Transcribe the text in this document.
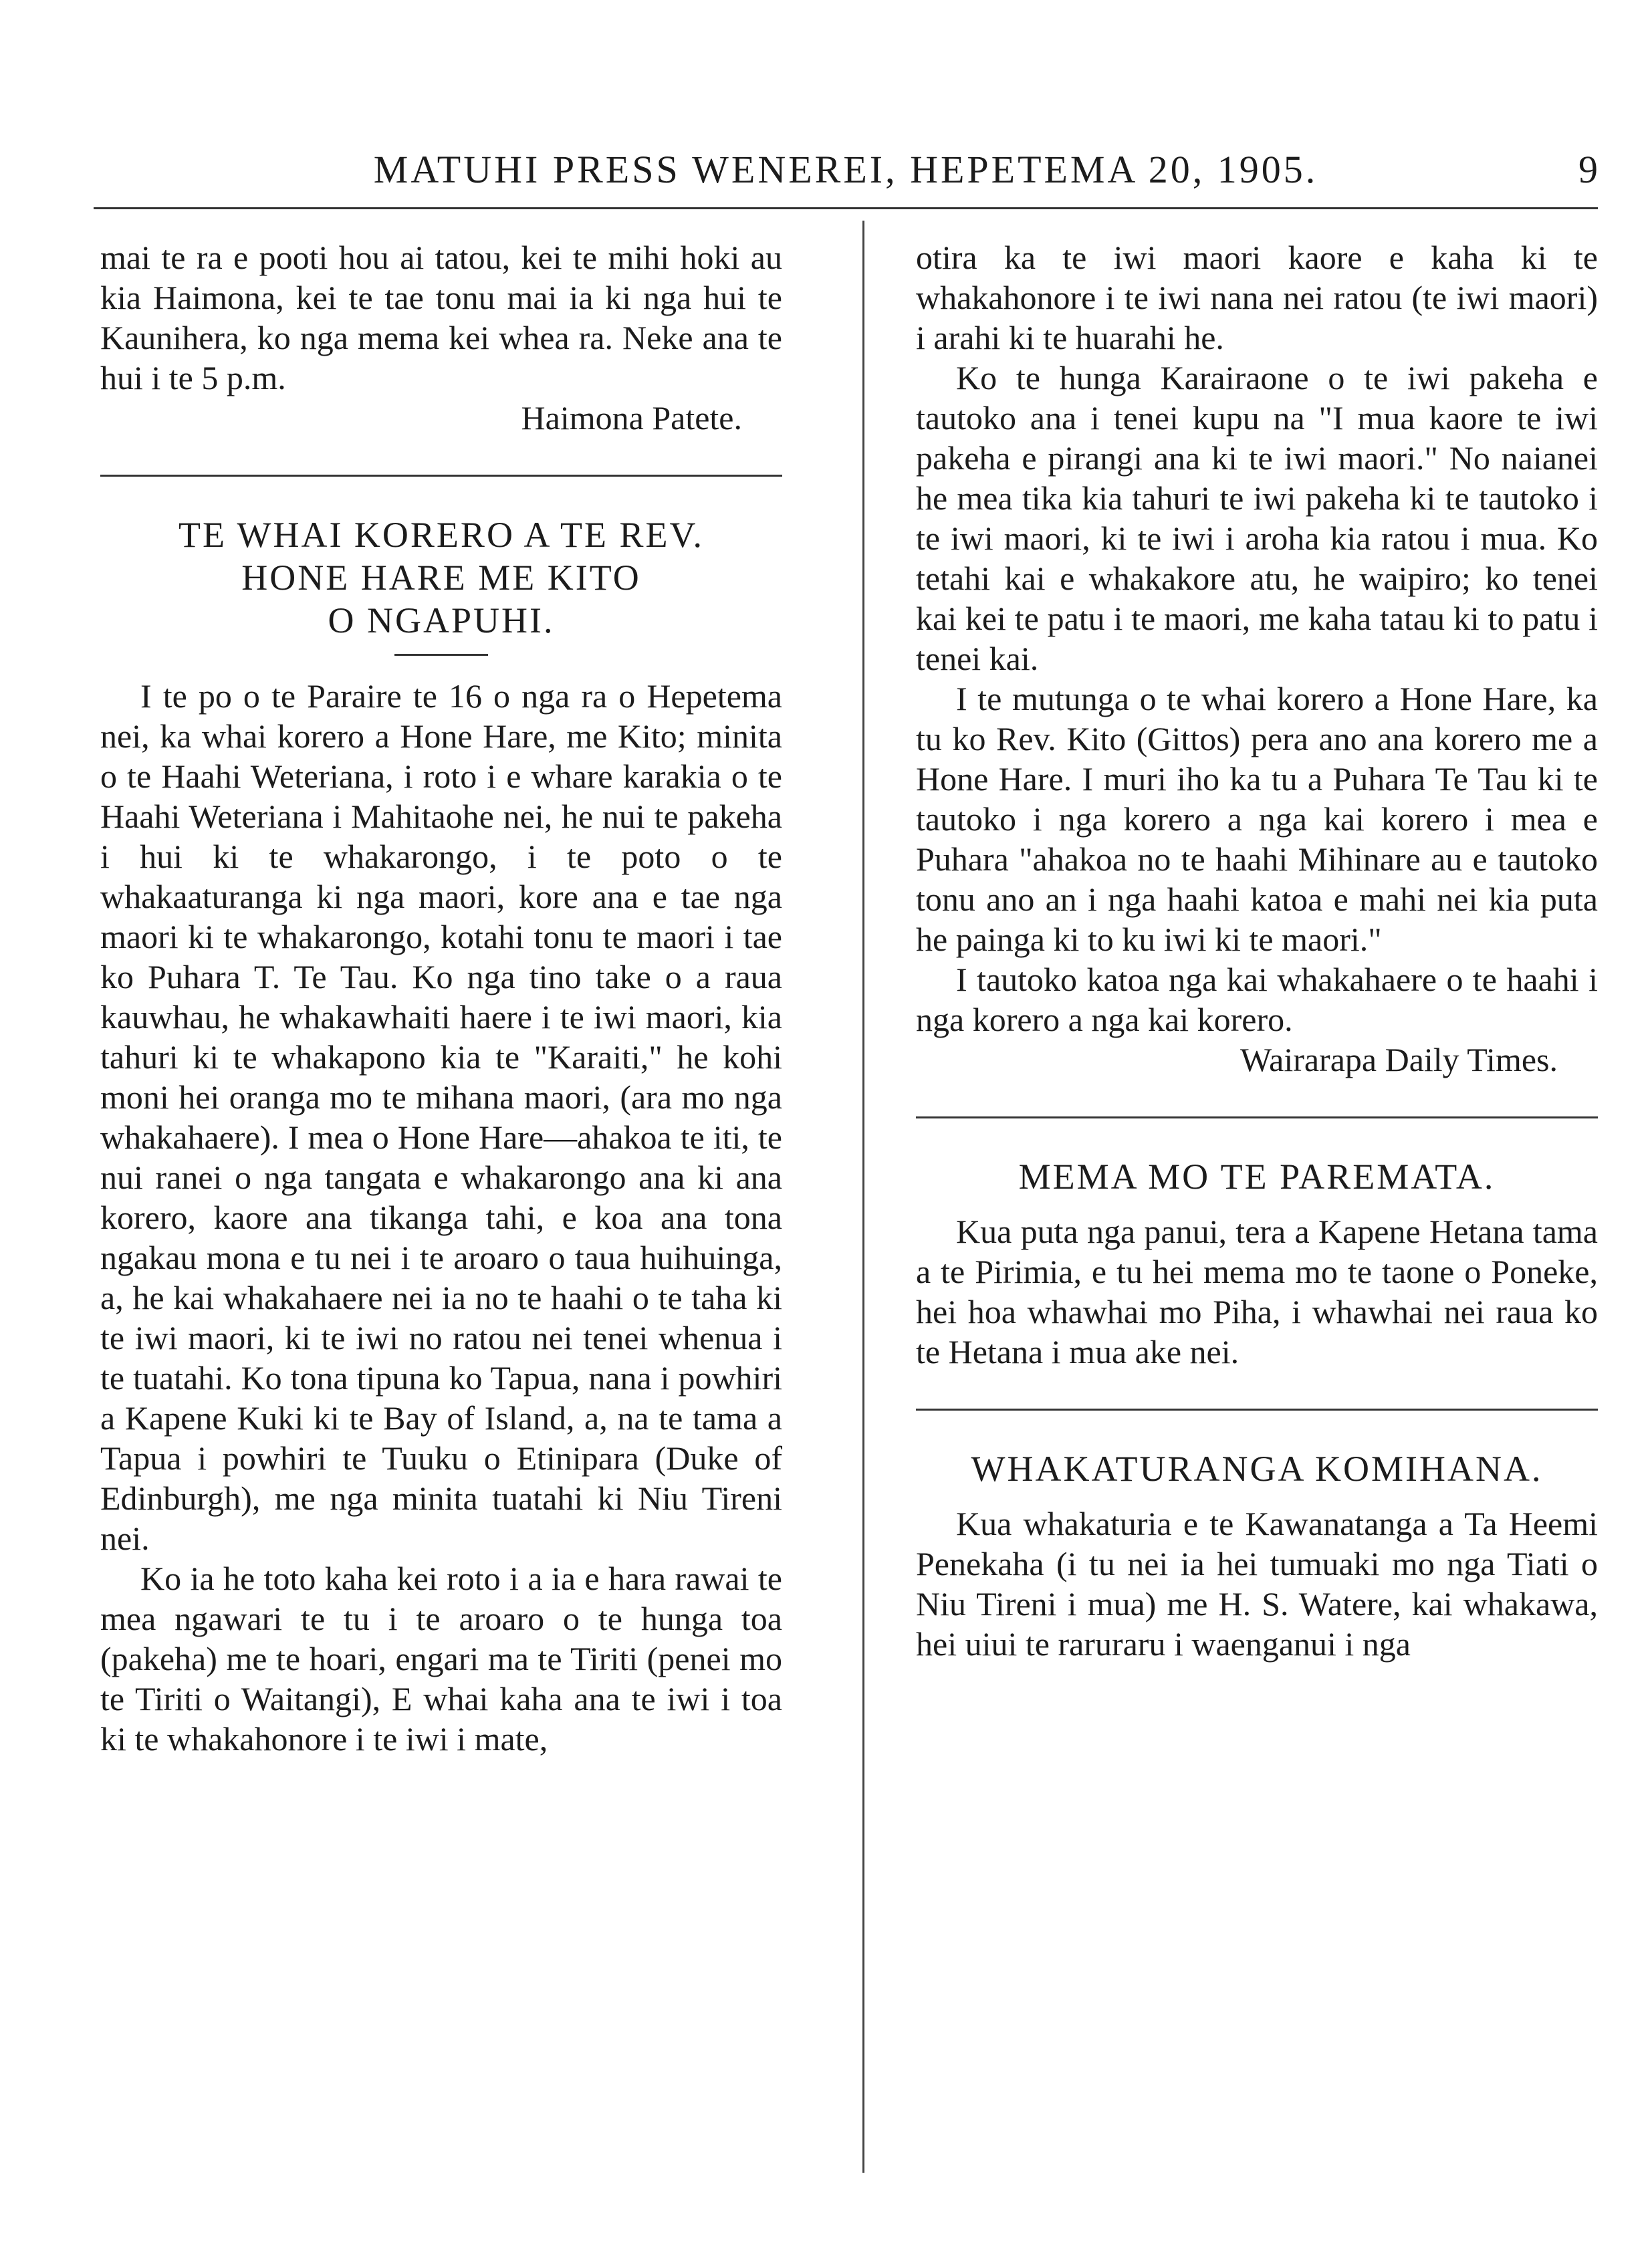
MATUHI PRESS WENEREI, HEPETEMA 20, 1905.	9

mai te ra e pooti hou ai tatou, kei te mihi hoki au kia Haimona, kei te tae tonu mai ia ki nga hui te Kaunihera, ko nga mema kei whea ra. Neke ana te hui i te 5 p.m.

Haimona Patete.

TE WHAI KORERO A TE REV.
HONE HARE ME KITO
O NGAPUHI.

I te po o te Paraire te 16 o nga ra o Hepetema nei, ka whai korero a Hone Hare, me Kito; minita o te Haahi Weteriana, i roto i e whare karakia o te Haahi Weteriana i Mahitaohe nei, he nui te pakeha i hui ki te whakarongo, i te poto o te whakaaturanga ki nga maori, kore ana e tae nga maori ki te whakarongo, kotahi tonu te maori i tae ko Puhara T. Te Tau. Ko nga tino take o a raua kauwhau, he whakawhaiti haere i te iwi maori, kia tahuri ki te whakapono kia te "Karaiti," he kohi moni hei oranga mo te mihana maori, (ara mo nga whakahaere). I mea o Hone Hare—ahakoa te iti, te nui ranei o nga tangata e whakarongo ana ki ana korero, kaore ana tikanga tahi, e koa ana tona ngakau mona e tu nei i te aroaro o taua huihuinga, a, he kai whakahaere nei ia no te haahi o te taha ki te iwi maori, ki te iwi no ratou nei tenei whenua i te tuatahi. Ko tona tipuna ko Tapua, nana i powhiri a Kapene Kuki ki te Bay of Island, a, na te tama a Tapua i powhiri te Tuuku o Etinipara (Duke of Edinburgh), me nga minita tuatahi ki Niu Tireni nei.

Ko ia he toto kaha kei roto i a ia e hara rawai te mea ngawari te tu i te aroaro o te hunga toa (pakeha) me te hoari, engari ma te Tiriti (penei mo te Tiriti o Waitangi), E whai kaha ana te iwi i toa ki te whakahonore i te iwi i mate,

otira ka te iwi maori kaore e kaha ki te whakahonore i te iwi nana nei ratou (te iwi maori) i arahi ki te huarahi he.

Ko te hunga Karairaone o te iwi pakeha e tautoko ana i tenei kupu na "I mua kaore te iwi pakeha e pirangi ana ki te iwi maori." No naianei he mea tika kia tahuri te iwi pakeha ki te tautoko i te iwi maori, ki te iwi i aroha kia ratou i mua. Ko tetahi kai e whakakore atu, he waipiro; ko tenei kai kei te patu i te maori, me kaha tatau ki to patu i tenei kai.

I te mutunga o te whai korero a Hone Hare, ka tu ko Rev. Kito (Gittos) pera ano ana korero me a Hone Hare. I muri iho ka tu a Puhara Te Tau ki te tautoko i nga korero a nga kai korero i mea e Puhara "ahakoa no te haahi Mihinare au e tautoko tonu ano an i nga haahi katoa e mahi nei kia puta he painga ki to ku iwi ki te maori."

I tautoko katoa nga kai whakahaere o te haahi i nga korero a nga kai korero.

Wairarapa Daily Times.

MEMA MO TE PAREMATA.

Kua puta nga panui, tera a Kapene Hetana tama a te Pirimia, e tu hei mema mo te taone o Poneke, hei hoa whawhai mo Piha, i whawhai nei raua ko te Hetana i mua ake nei.

WHAKATURANGA KOMIHANA.

Kua whakaturia e te Kawanatanga a Ta Heemi Penekaha (i tu nei ia hei tumuaki mo nga Tiati o Niu Tireni i mua) me H. S. Watere, kai whakawa, hei uiui te raruraru i waenganui i nga
